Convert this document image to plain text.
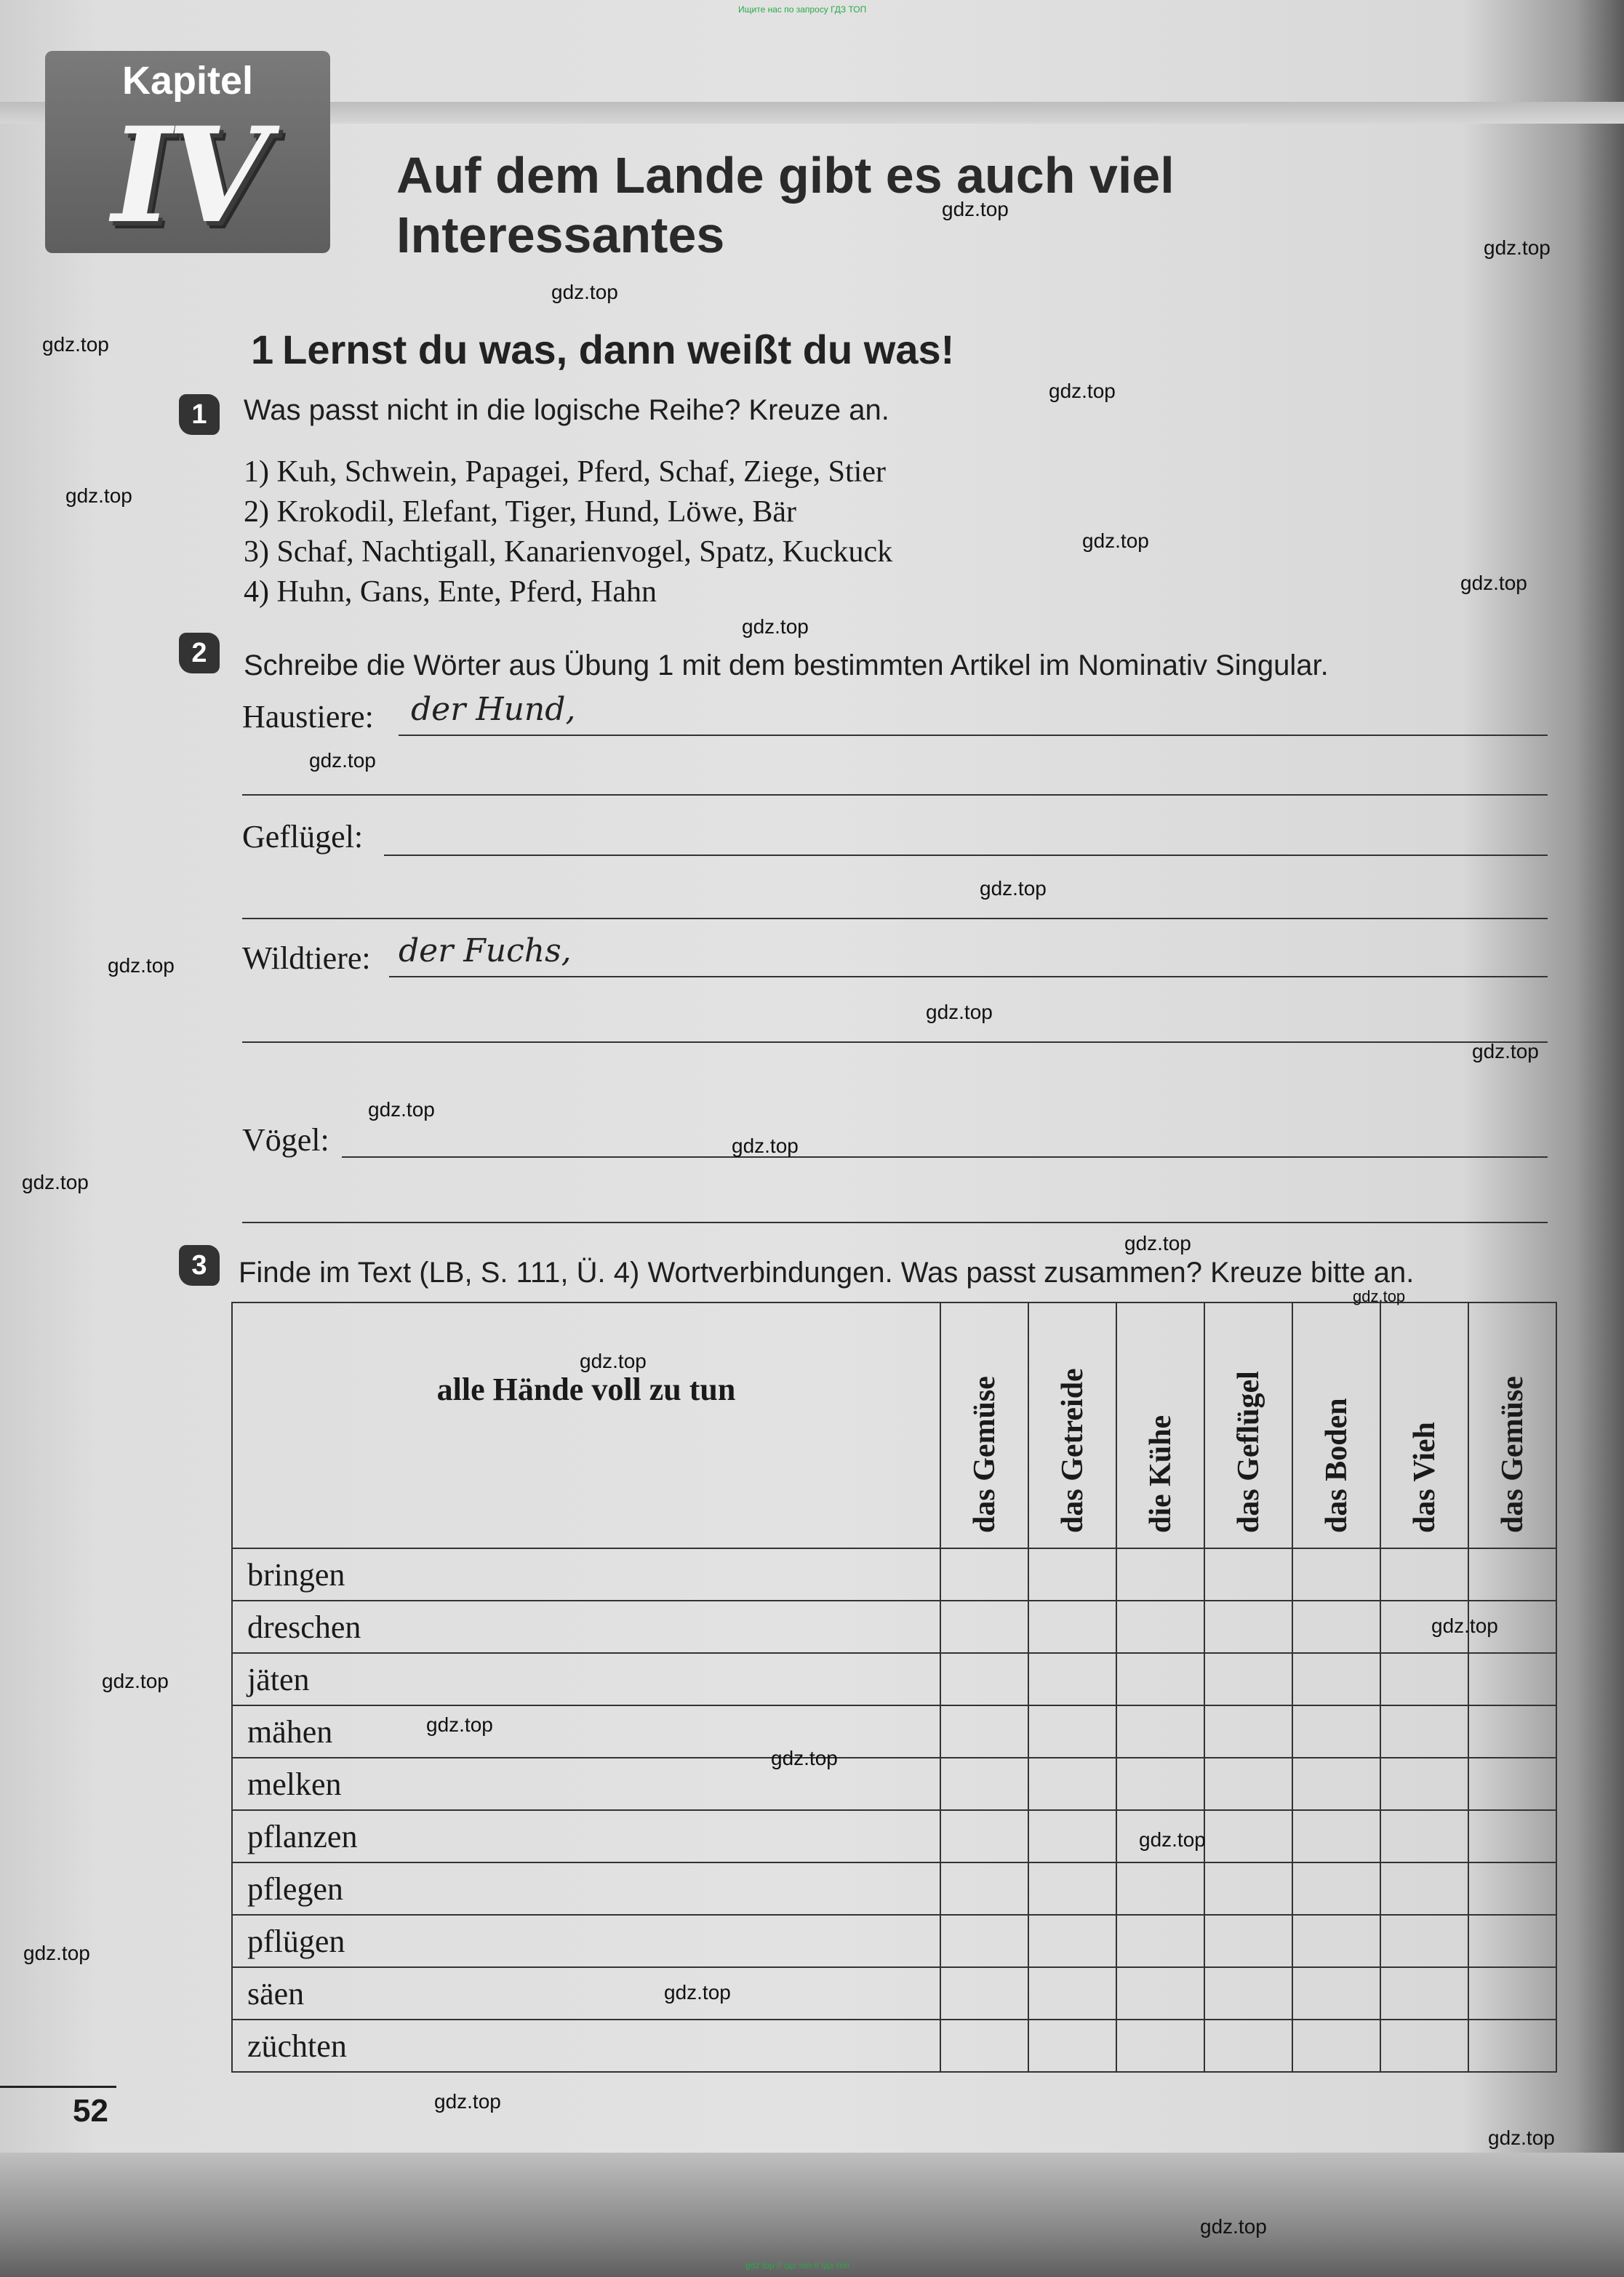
Ищите нас по запросу ГДЗ ТОП
gdz top // гдз топ // гдз топ
Kapitel
IV	Auf dem Lande gibt es auch viel
Interessantes
1 Lernst du was, dann weißt du was!
1	Was passt nicht in die logische Reihe? Kreuze an.
1) Kuh, Schwein, Papagei, Pferd, Schaf, Ziege, Stier
2) Krokodil, Elefant, Tiger, Hund, Löwe, Bär
3) Schaf, Nachtigall, Kanarienvogel, Spatz, Kuckuck
4) Huhn, Gans, Ente, Pferd, Hahn
2	Schreibe die Wörter aus Übung 1 mit dem bestimmten Artikel im Nominativ Singular.
Haustiere: der Hund,
Geflügel:
Wildtiere: der Fuchs,
Vögel:
3	Finde im Text (LB, S. 111, Ü. 4) Wortverbindungen. Was passt zusammen? Kreuze bitte an.
alle Hände voll zu tun	das Gemüse	das Getreide	die Kühe	das Geflügel	das Boden	das Vieh	das Gemüse

bringen							
dreschen							
jäten							
mähen							
melken							
pflanzen							
pflegen							
pflügen							
säen							
züchten							
52
gdz.top
gdz.top
gdz.top
gdz.top
gdz.top
gdz.top
gdz.top
gdz.top
gdz.top
gdz.top
gdz.top
gdz.top
gdz.top
gdz.top
gdz.top
gdz.top
gdz.top
gdz.top
gdz.top
gdz.top
gdz.top
gdz.top
gdz.top
gdz.top
gdz.top
gdz.top
gdz.top
gdz.top
gdz.top
gdz.top
